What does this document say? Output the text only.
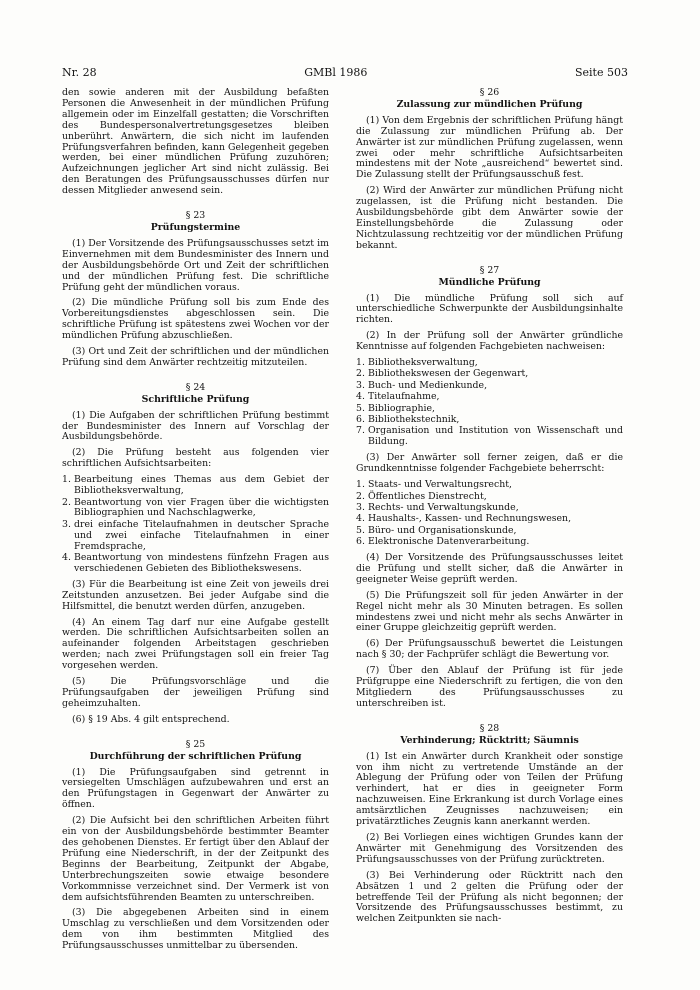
Nr. 28	GMBl 1986	Seite 503

den sowie anderen mit der Ausbildung befaßten Personen die Anwesenheit in der mündlichen Prüfung allgemein oder im Einzelfall gestatten; die Vorschriften des Bundespersonalvertretungsgesetzes bleiben unberührt. Anwärtern, die sich nicht im laufenden Prüfungsverfahren befinden, kann Gelegenheit gegeben werden, bei einer mündlichen Prüfung zuzuhören; Aufzeichnungen jeglicher Art sind nicht zulässig. Bei den Beratungen des Prüfungsausschusses dürfen nur dessen Mitglieder anwesend sein.

§ 23
Prüfungstermine

(1) Der Vorsitzende des Prüfungsausschusses setzt im Einvernehmen mit dem Bundesminister des Innern und der Ausbildungsbehörde Ort und Zeit der schriftlichen und der mündlichen Prüfung fest. Die schriftliche Prüfung geht der mündlichen voraus.

(2) Die mündliche Prüfung soll bis zum Ende des Vorbereitungsdienstes abgeschlossen sein. Die schriftliche Prüfung ist spätestens zwei Wochen vor der mündlichen Prüfung abzuschließen.

(3) Ort und Zeit der schriftlichen und der mündlichen Prüfung sind dem Anwärter rechtzeitig mitzuteilen.

§ 24
Schriftliche Prüfung

(1) Die Aufgaben der schriftlichen Prüfung bestimmt der Bundesminister des Innern auf Vorschlag der Ausbildungsbehörde.

(2) Die Prüfung besteht aus folgenden vier schriftlichen Aufsichtsarbeiten:

1. Bearbeitung eines Themas aus dem Gebiet der Bibliotheksverwaltung,
2. Beantwortung von vier Fragen über die wichtigsten Bibliographien und Nachschlagwerke,
3. drei einfache Titelaufnahmen in deutscher Sprache und zwei einfache Titelaufnahmen in einer Fremdsprache,
4. Beantwortung von mindestens fünfzehn Fragen aus verschiedenen Gebieten des Bibliothekswesens.

(3) Für die Bearbeitung ist eine Zeit von jeweils drei Zeitstunden anzusetzen. Bei jeder Aufgabe sind die Hilfsmittel, die benutzt werden dürfen, anzugeben.

(4) An einem Tag darf nur eine Aufgabe gestellt werden. Die schriftlichen Aufsichtsarbeiten sollen an aufeinander folgenden Arbeitstagen geschrieben werden; nach zwei Prüfungstagen soll ein freier Tag vorgesehen werden.

(5) Die Prüfungsvorschläge und die Prüfungsaufgaben der jeweiligen Prüfung sind geheimzuhalten.

(6) § 19 Abs. 4 gilt entsprechend.

§ 25
Durchführung der schriftlichen Prüfung

(1) Die Prüfungsaufgaben sind getrennt in versiegelten Umschlägen aufzubewahren und erst an den Prüfungstagen in Gegenwart der Anwärter zu öffnen.

(2) Die Aufsicht bei den schriftlichen Arbeiten führt ein von der Ausbildungsbehörde bestimmter Beamter des gehobenen Dienstes. Er fertigt über den Ablauf der Prüfung eine Niederschrift, in der der Zeitpunkt des Beginns der Bearbeitung, Zeitpunkt der Abgabe, Unterbrechungszeiten sowie etwaige besondere Vorkommnisse verzeichnet sind. Der Vermerk ist von dem aufsichtsführenden Beamten zu unterschreiben.

(3) Die abgegebenen Arbeiten sind in einem Umschlag zu verschließen und dem Vorsitzenden oder dem von ihm bestimmten Mitglied des Prüfungsausschusses unmittelbar zu übersenden.

§ 26
Zulassung zur mündlichen Prüfung

(1) Von dem Ergebnis der schriftlichen Prüfung hängt die Zulassung zur mündlichen Prüfung ab. Der Anwärter ist zur mündlichen Prüfung zugelassen, wenn zwei oder mehr schriftliche Aufsichtsarbeiten mindestens mit der Note „ausreichend“ bewertet sind. Die Zulassung stellt der Prüfungsausschuß fest.

(2) Wird der Anwärter zur mündlichen Prüfung nicht zugelassen, ist die Prüfung nicht bestanden. Die Ausbildungsbehörde gibt dem Anwärter sowie der Einstellungsbehörde die Zulassung oder Nichtzulassung rechtzeitig vor der mündlichen Prüfung bekannt.

§ 27
Mündliche Prüfung

(1) Die mündliche Prüfung soll sich auf unterschiedliche Schwerpunkte der Ausbildungsinhalte richten.

(2) In der Prüfung soll der Anwärter gründliche Kenntnisse auf folgenden Fachgebieten nachweisen:

1. Bibliotheksverwaltung,
2. Bibliothekswesen der Gegenwart,
3. Buch- und Medienkunde,
4. Titelaufnahme,
5. Bibliographie,
6. Bibliothekstechnik,
7. Organisation und Institution von Wissenschaft und Bildung.

(3) Der Anwärter soll ferner zeigen, daß er die Grundkenntnisse folgender Fachgebiete beherrscht:

1. Staats- und Verwaltungsrecht,
2. Öffentliches Dienstrecht,
3. Rechts- und Verwaltungskunde,
4. Haushalts-, Kassen- und Rechnungswesen,
5. Büro- und Organisationskunde,
6. Elektronische Datenverarbeitung.

(4) Der Vorsitzende des Prüfungsausschusses leitet die Prüfung und stellt sicher, daß die Anwärter in geeigneter Weise geprüft werden.

(5) Die Prüfungszeit soll für jeden Anwärter in der Regel nicht mehr als 30 Minuten betragen. Es sollen mindestens zwei und nicht mehr als sechs Anwärter in einer Gruppe gleichzeitig geprüft werden.

(6) Der Prüfungsausschuß bewertet die Leistungen nach § 30; der Fachprüfer schlägt die Bewertung vor.

(7) Über den Ablauf der Prüfung ist für jede Prüfgruppe eine Niederschrift zu fertigen, die von den Mitgliedern des Prüfungsausschusses zu unterschreiben ist.

§ 28
Verhinderung; Rücktritt; Säumnis

(1) Ist ein Anwärter durch Krankheit oder sonstige von ihm nicht zu vertretende Umstände an der Ablegung der Prüfung oder von Teilen der Prüfung verhindert, hat er dies in geeigneter Form nachzuweisen. Eine Erkrankung ist durch Vorlage eines amtsärztlichen Zeugnisses nachzuweisen; ein privatärztliches Zeugnis kann anerkannt werden.

(2) Bei Vorliegen eines wichtigen Grundes kann der Anwärter mit Genehmigung des Vorsitzenden des Prüfungsausschusses von der Prüfung zurücktreten.

(3) Bei Verhinderung oder Rücktritt nach den Absätzen 1 und 2 gelten die Prüfung oder der betreffende Teil der Prüfung als nicht begonnen; der Vorsitzende des Prüfungsausschusses bestimmt, zu welchen Zeitpunkten sie nach-
